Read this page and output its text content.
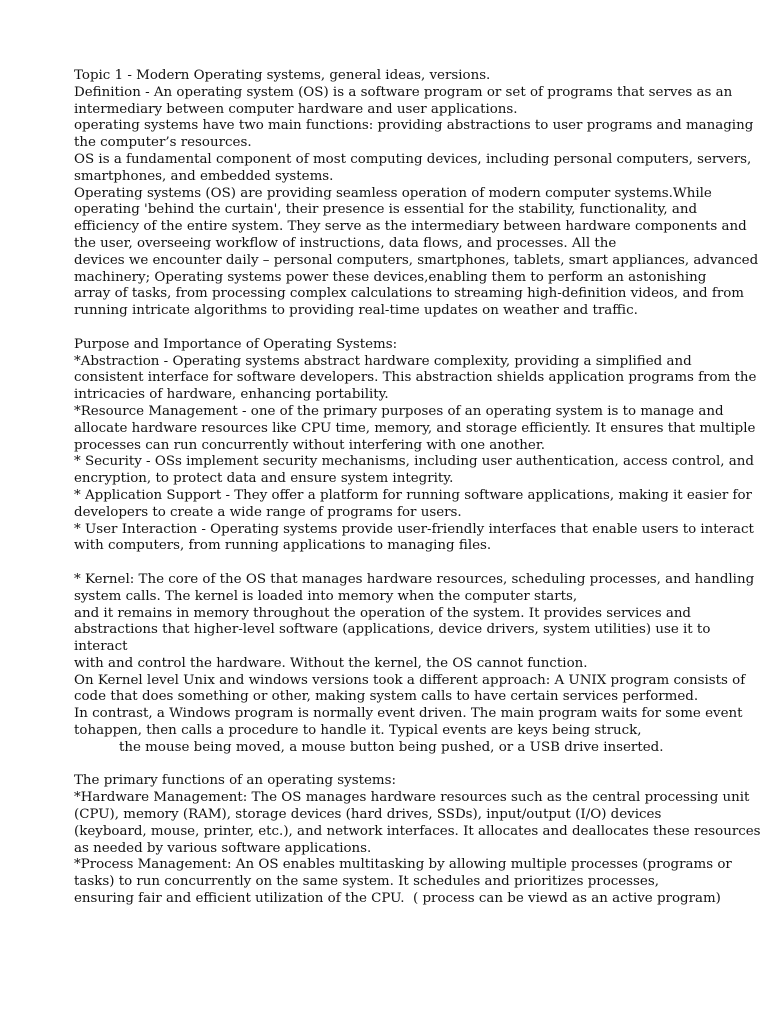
Topic 1 - Modern Operating systems, general ideas, versions.
Definition - An operating system (OS) is a software program or set of programs that serves as an
intermediary between computer hardware and user applications.
operating systems have two main functions: providing abstractions to user programs and managing
the computer’s resources.
OS is a fundamental component of most computing devices, including personal computers, servers,
smartphones, and embedded systems.
Operating systems (OS) are providing seamless operation of modern computer systems.While
operating 'behind the curtain', their presence is essential for the stability, functionality, and
efficiency of the entire system. They serve as the intermediary between hardware components and
the user, overseeing workflow of instructions, data flows, and processes. All the
devices we encounter daily – personal computers, smartphones, tablets, smart appliances, advanced
machinery; Operating systems power these devices,enabling them to perform an astonishing
array of tasks, from processing complex calculations to streaming high-definition videos, and from
running intricate algorithms to providing real-time updates on weather and traffic.
Purpose and Importance of Operating Systems:
*Abstraction - Operating systems abstract hardware complexity, providing a simplified and
consistent interface for software developers. This abstraction shields application programs from the
intricacies of hardware, enhancing portability.
*Resource Management - one of the primary purposes of an operating system is to manage and
allocate hardware resources like CPU time, memory, and storage efficiently. It ensures that multiple
processes can run concurrently without interfering with one another.
* Security - OSs implement security mechanisms, including user authentication, access control, and
encryption, to protect data and ensure system integrity.
* Application Support - They offer a platform for running software applications, making it easier for
developers to create a wide range of programs for users.
* User Interaction - Operating systems provide user-friendly interfaces that enable users to interact
with computers, from running applications to managing files.
* Kernel: The core of the OS that manages hardware resources, scheduling processes, and handling
system calls. The kernel is loaded into memory when the computer starts,
and it remains in memory throughout the operation of the system. It provides services and
abstractions that higher-level software (applications, device drivers, system utilities) use it to
interact
with and control the hardware. Without the kernel, the OS cannot function.
On Kernel level Unix and windows versions took a different approach: A UNIX program consists of
code that does something or other, making system calls to have certain services performed.
In contrast, a Windows program is normally event driven. The main program waits for some event
tohappen, then calls a procedure to handle it. Typical events are keys being struck,
the mouse being moved, a mouse button being pushed, or a USB drive inserted.
The primary functions of an operating systems:
*Hardware Management: The OS manages hardware resources such as the central processing unit
(CPU), memory (RAM), storage devices (hard drives, SSDs), input/output (I/O) devices
(keyboard, mouse, printer, etc.), and network interfaces. It allocates and deallocates these resources
as needed by various software applications.
*Process Management: An OS enables multitasking by allowing multiple processes (programs or
tasks) to run concurrently on the same system. It schedules and prioritizes processes,
ensuring fair and efficient utilization of the CPU.  ( process can be viewd as an active program)
